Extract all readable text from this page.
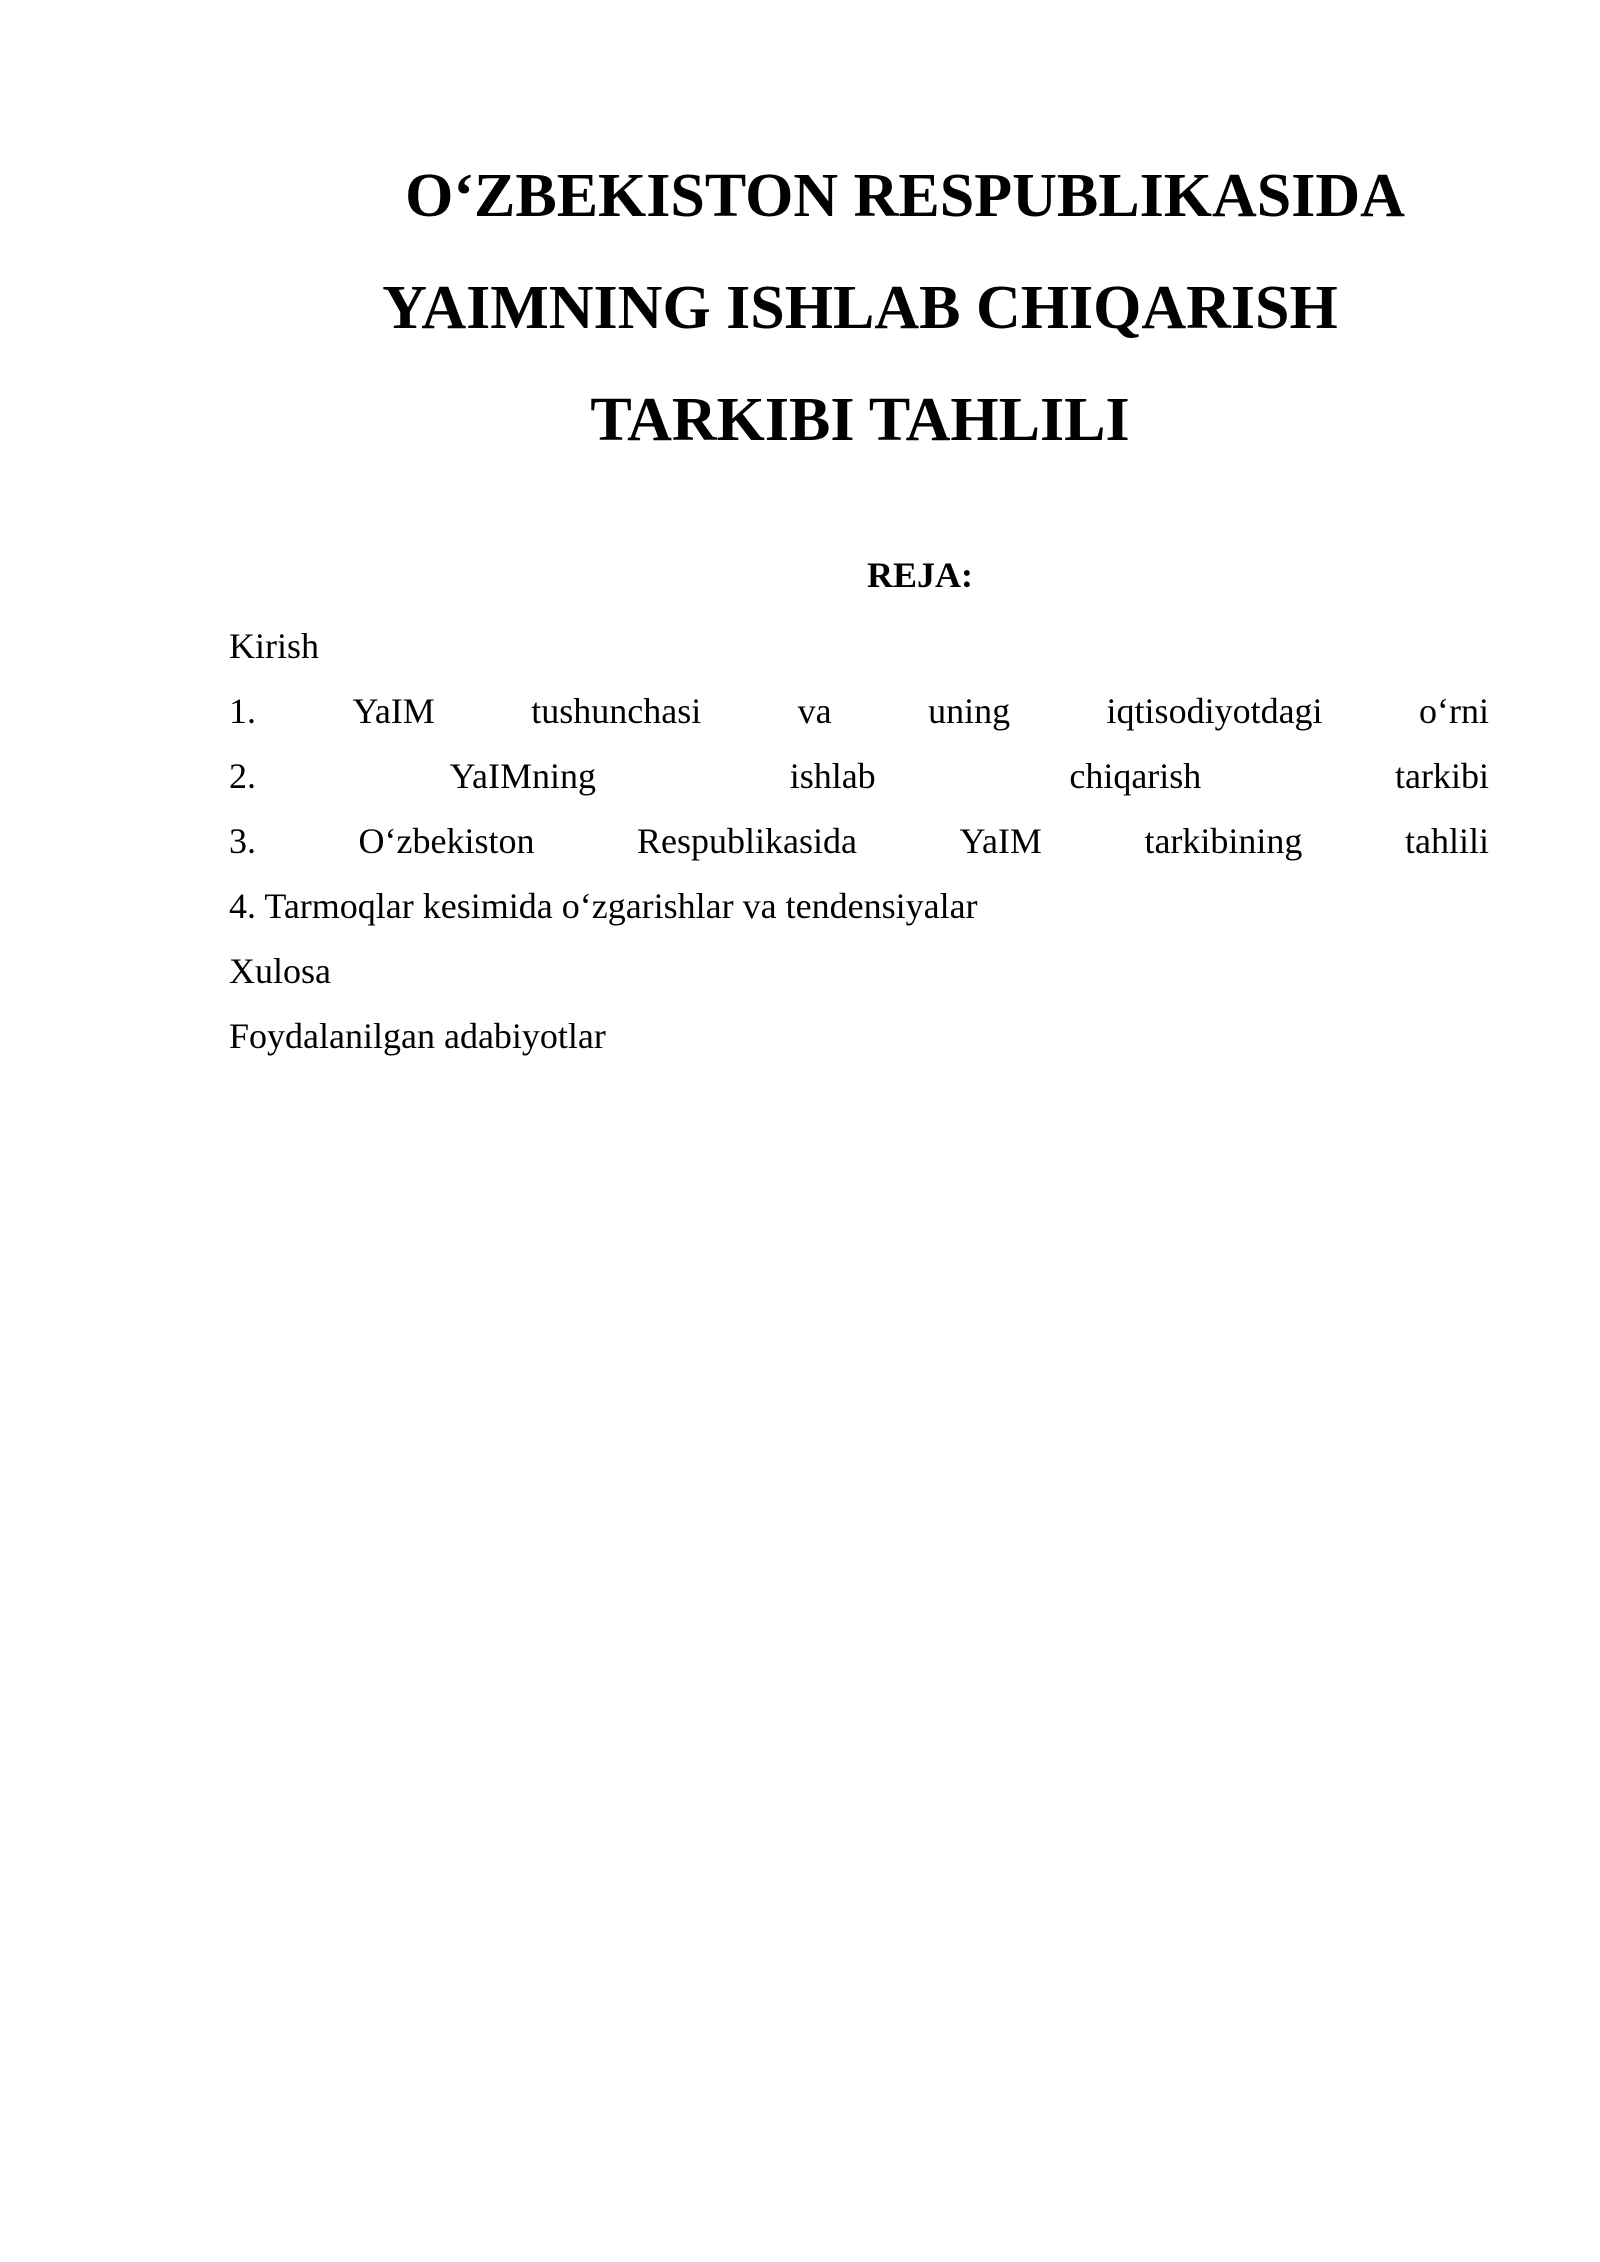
O‘ZBEKISTON RESPUBLIKASIDA
YAIMNING ISHLAB CHIQARISH
TARKIBI TAHLILI
REJA:
Kirish
1.	YaIM	tushunchasi	va	uning	iqtisodiyotdagi	o‘rni
2.	YaIMning	ishlab	chiqarish	tarkibi
3.	O‘zbekiston	Respublikasida	YaIM	tarkibining	tahlili
4. Tarmoqlar kesimida o‘zgarishlar va tendensiyalar
Xulosa
Foydalanilgan adabiyotlar
